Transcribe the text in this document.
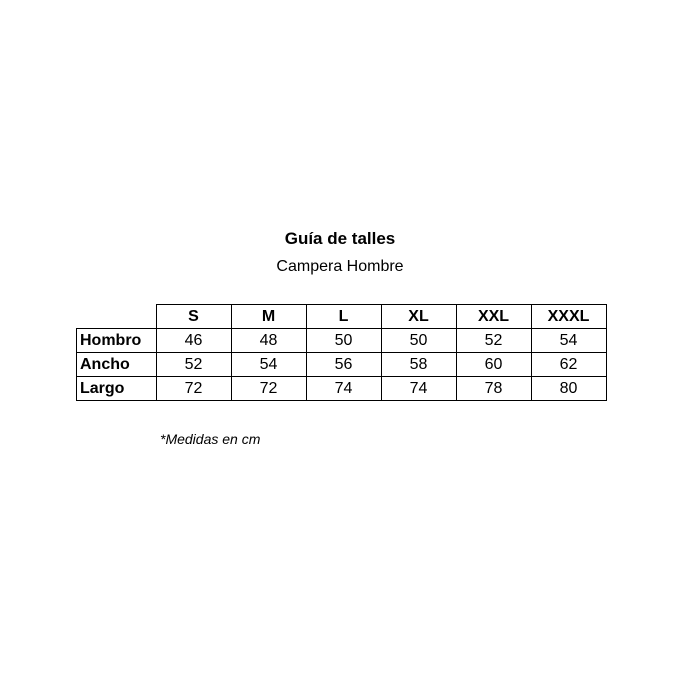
Guía de talles
Campera Hombre
	S	M	L	XL	XXL	XXXL
Hombro	46	48	50	50	52	54
Ancho	52	54	56	58	60	62
Largo	72	72	74	74	78	80
*Medidas en cm
